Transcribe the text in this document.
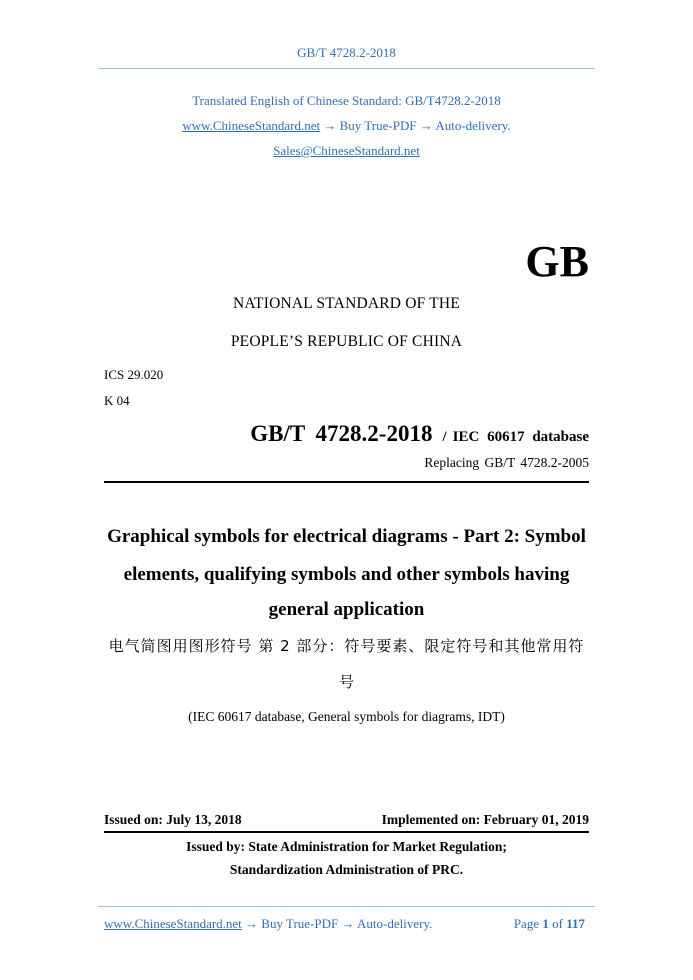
GB/T 4728.2-2018
Translated English of Chinese Standard: GB/T4728.2-2018
www.ChineseStandard.net → Buy True-PDF → Auto-delivery.
Sales@ChineseStandard.net
GB
NATIONAL STANDARD OF THE
PEOPLE’S REPUBLIC OF CHINA
ICS 29.020
K 04
GB/T 4728.2-2018 / IEC 60617 database
Replacing GB/T 4728.2-2005
Graphical symbols for electrical diagrams - Part 2: Symbol
elements, qualifying symbols and other symbols having
general application
电气简图用图形符号 第 2 部分：符号要素、限定符号和其他常用符
号
(IEC 60617 database, General symbols for diagrams, IDT)
Issued on: July 13, 2018	Implemented on: February 01, 2019
Issued by: State Administration for Market Regulation;
Standardization Administration of PRC.
www.ChineseStandard.net → Buy True-PDF → Auto-delivery.	Page 1 of 117
